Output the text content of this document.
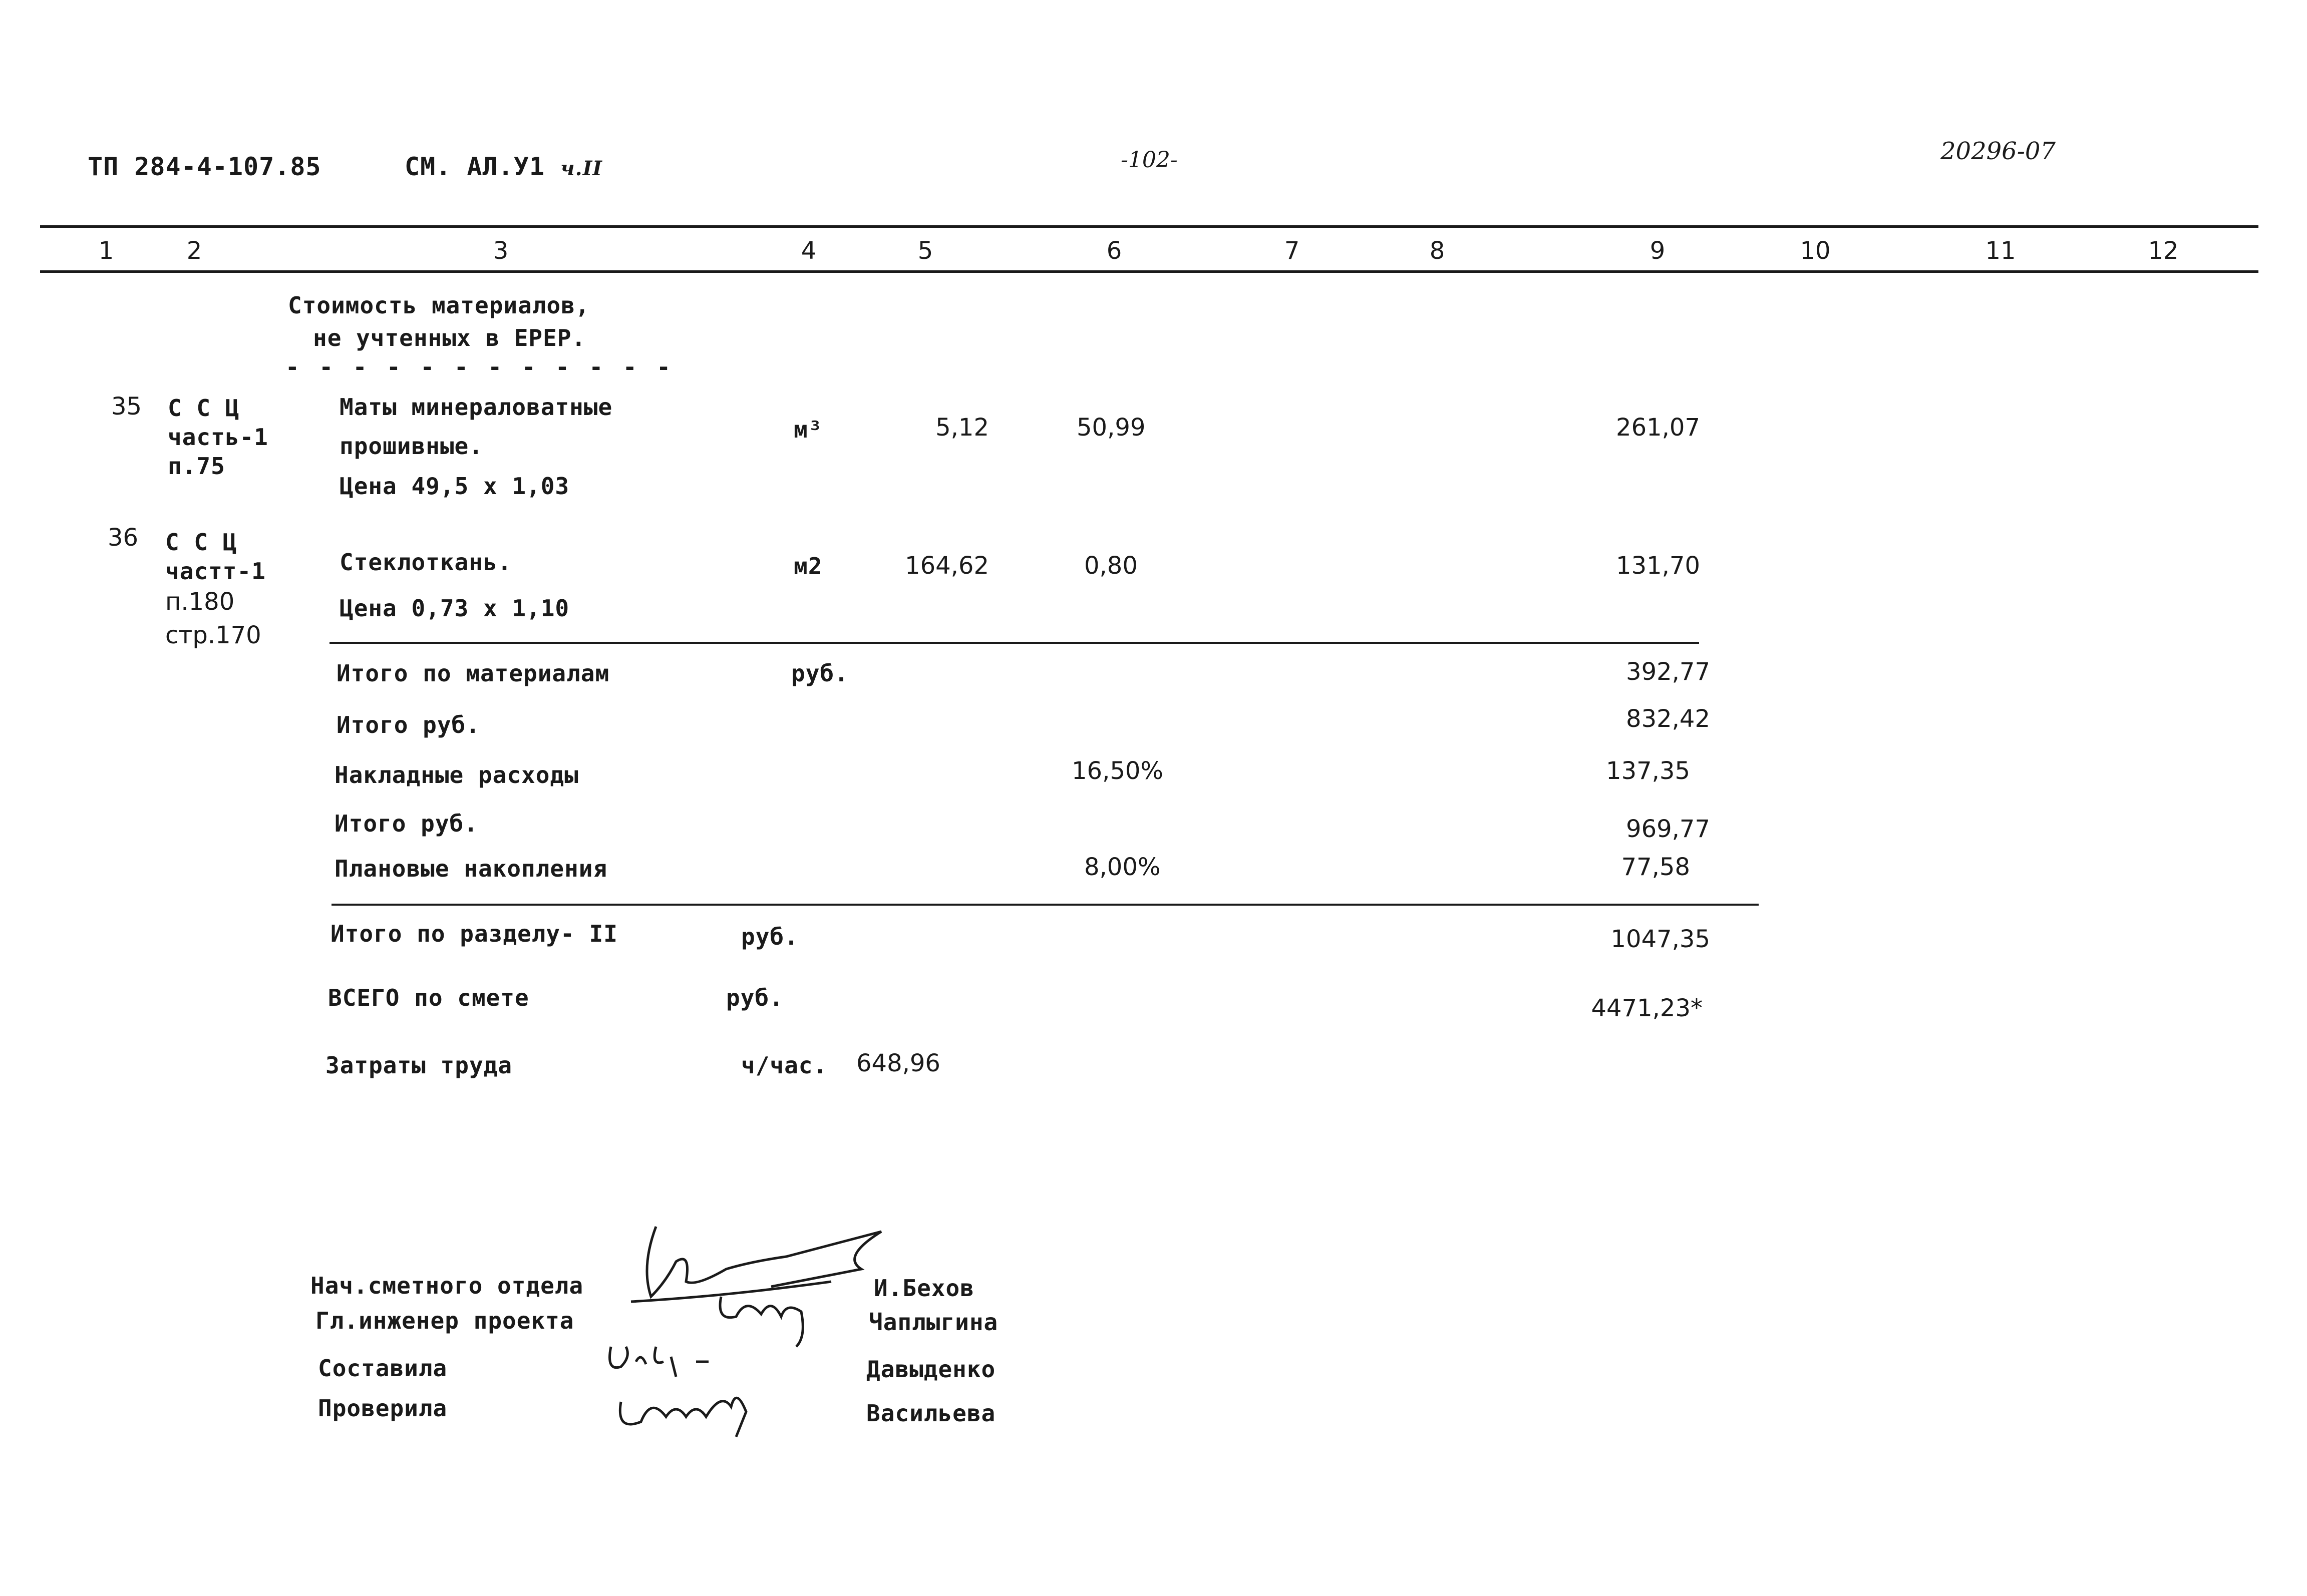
ТП 284-4-107.85	СМ. АЛ.У1 ч.II	-102-	20296-07
1	2	3	4	5	6	7	8	9	10	11	12
Стоимость материалов,
не учтенных в ЕРЕР.
- - - - - - - - - - - -
35 С С Ц
часть-1
п.75
Маты минераловатные
прошивные.
Цена 49,5 х 1,03
м³	5,12	50,99	261,07
36 С С Ц
частт-1
п.180
стр.170
Стеклоткань.
Цена 0,73 х 1,10
м2	164,62	0,80	131,70
Итого по материалам	руб.	392,77
Итого руб.	832,42
Накладные расходы	16,50%	137,35
Итого руб.	969,77
Плановые накопления	8,00%	77,58
Итого по разделу- II	руб.	1047,35
ВСЕГО по смете	руб.	4471,23*
Затраты труда	ч/час. 648,96
Нач.сметного отдела	И.Бехов
Гл.инженер проекта	Чаплыгина
Составила	Давыденко
Проверила	Васильева
